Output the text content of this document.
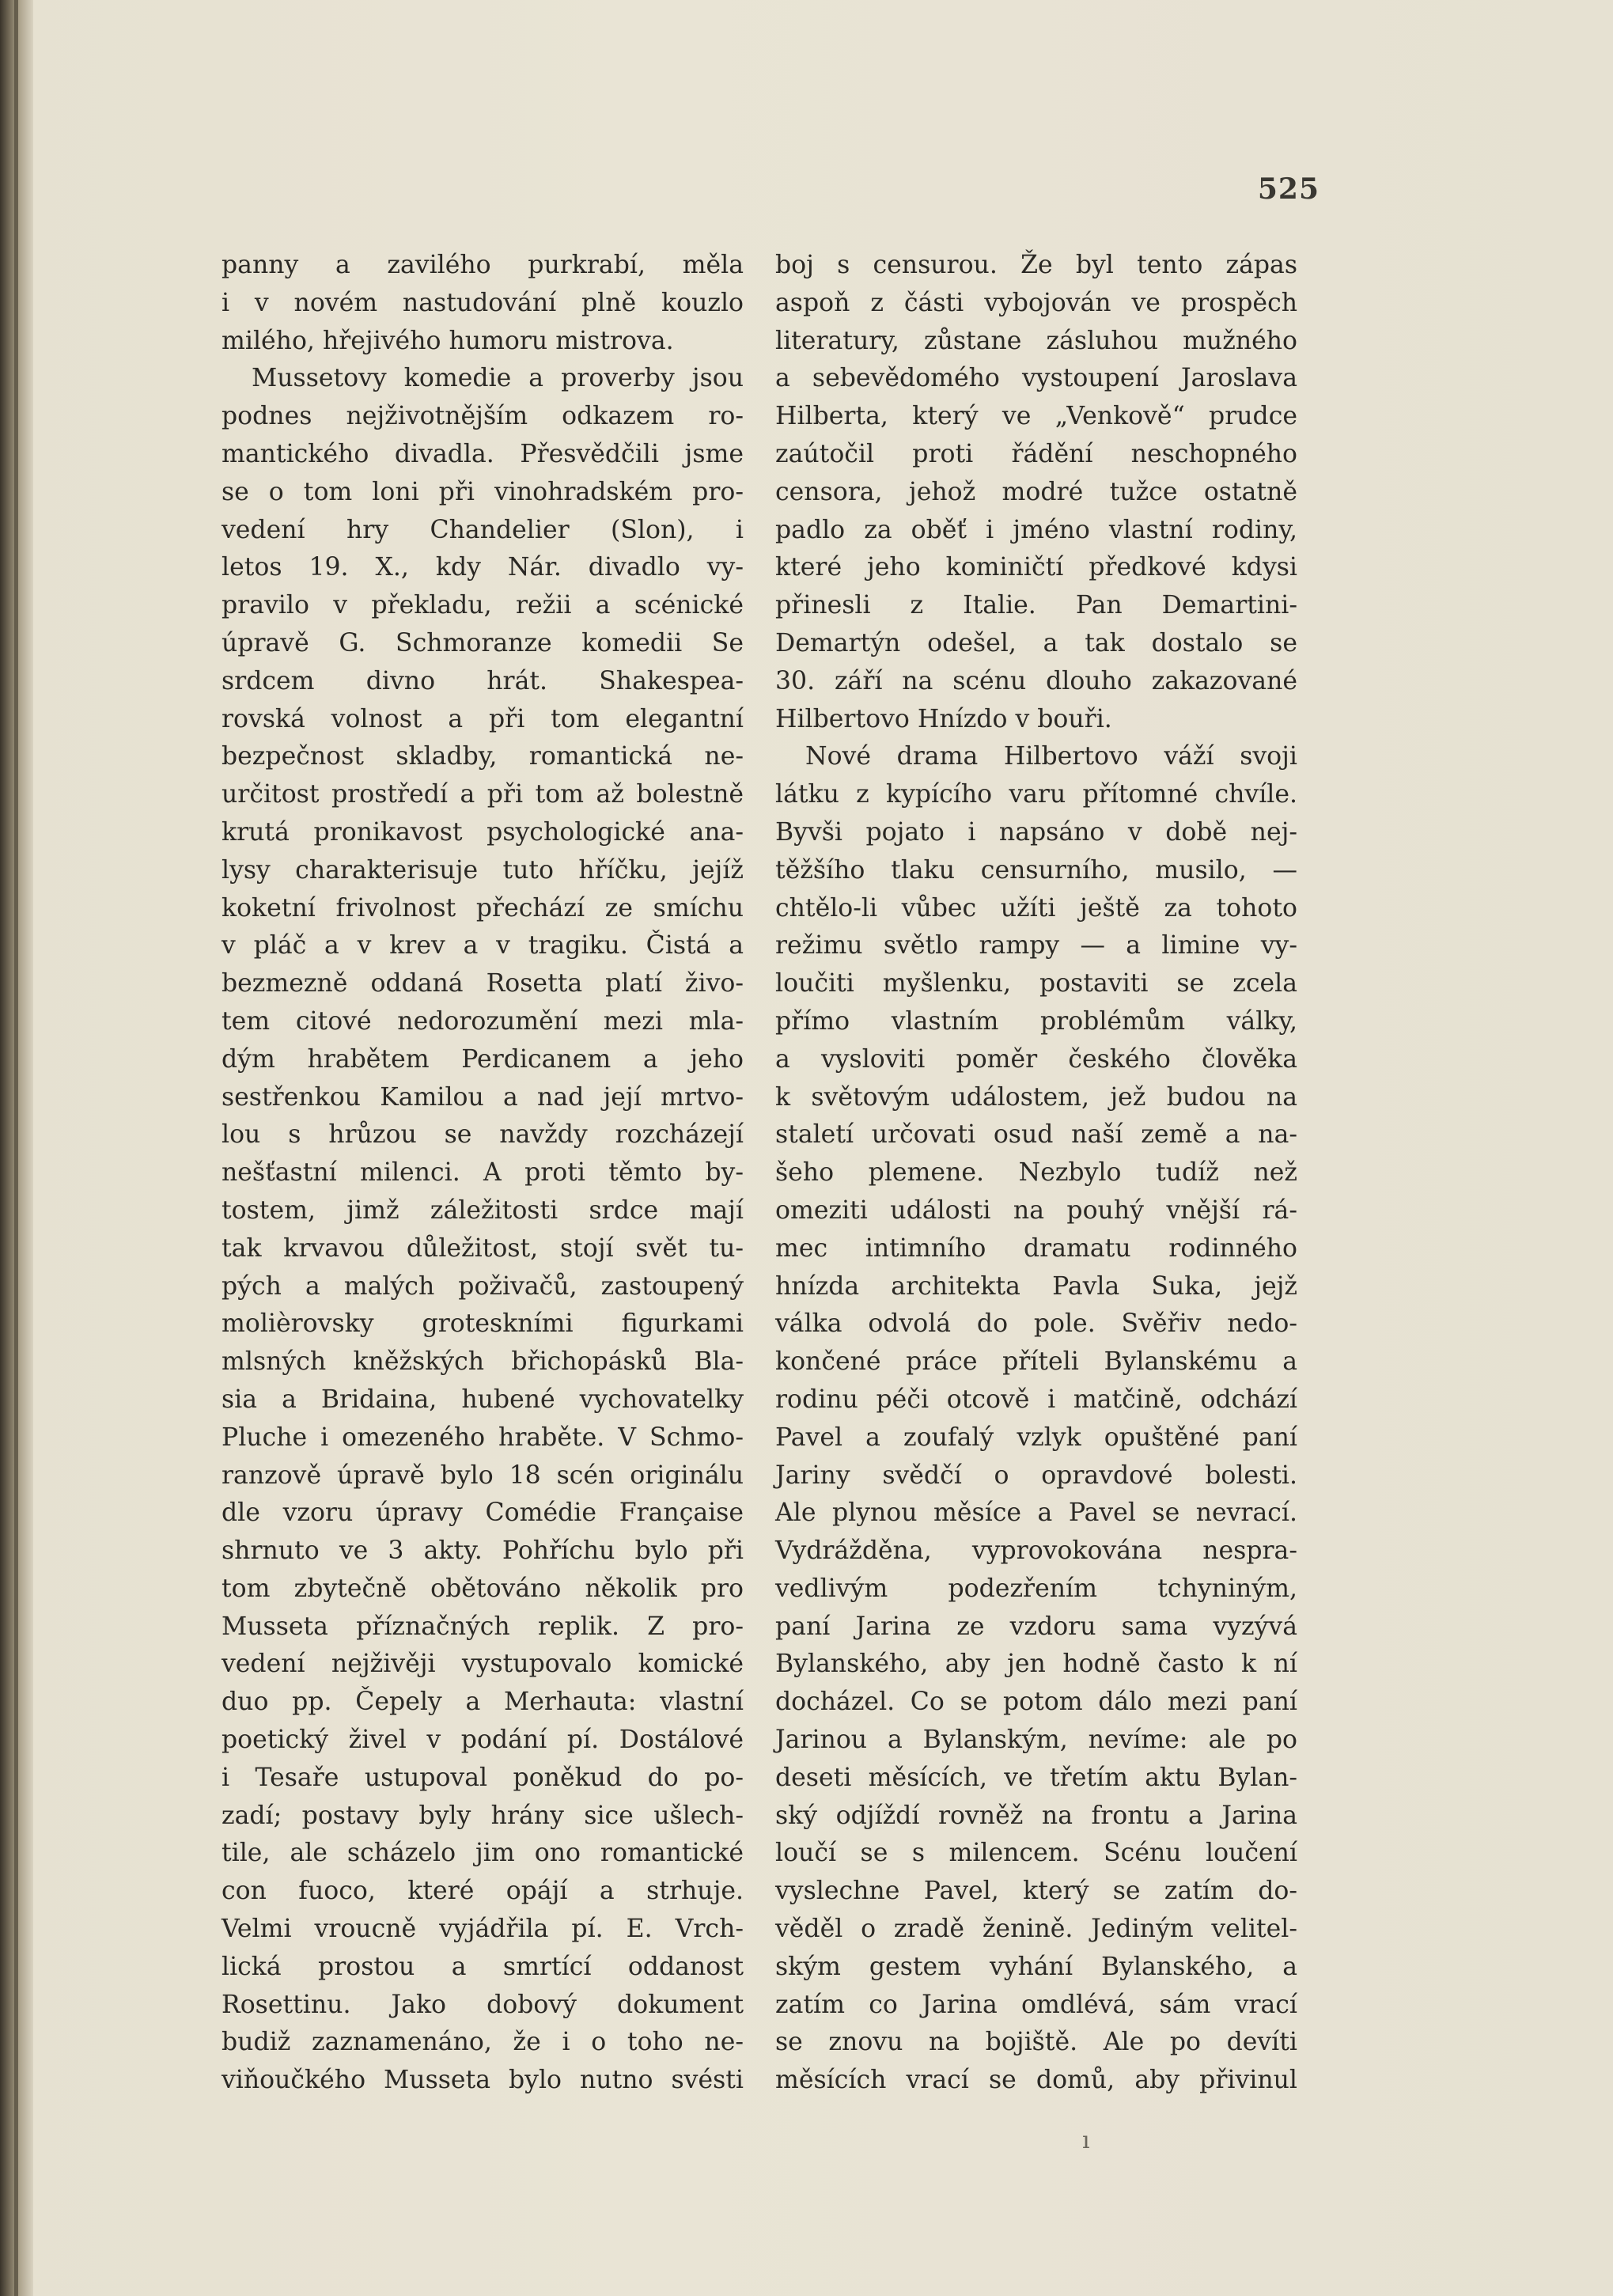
525
panny a zavilého purkrabí, měla
i v novém nastudování plně kouzlo
milého, hřejivého humoru mistrova.
Mussetovy komedie a proverby jsou
podnes nejživotnějším odkazem ro-
mantického divadla. Přesvědčili jsme
se o tom loni při vinohradském pro-
vedení hry Chandelier (Slon), i
letos 19. X., kdy Nár. divadlo vy-
pravilo v překladu, režii a scénické
úpravě G. Schmoranze komedii Se
srdcem divno hrát. Shakespea-
rovská volnost a při tom elegantní
bezpečnost skladby, romantická ne-
určitost prostředí a při tom až bolestně
krutá pronikavost psychologické ana-
lysy charakterisuje tuto hříčku, jejíž
koketní frivolnost přechází ze smíchu
v pláč a v krev a v tragiku. Čistá a
bezmezně oddaná Rosetta platí živo-
tem citové nedorozumění mezi mla-
dým hrabětem Perdicanem a jeho
sestřenkou Kamilou a nad její mrtvo-
lou s hrůzou se navždy rozcházejí
nešťastní milenci. A proti těmto by-
tostem, jimž záležitosti srdce mají
tak krvavou důležitost, stojí svět tu-
pých a malých poživačů, zastoupený
molièrovsky groteskními figurkami
mlsných kněžských břichopásků Bla-
sia a Bridaina, hubené vychovatelky
Pluche i omezeného hraběte. V Schmo-
ranzově úpravě bylo 18 scén originálu
dle vzoru úpravy Comédie Française
shrnuto ve 3 akty. Pohříchu bylo při
tom zbytečně obětováno několik pro
Musseta příznačných replik. Z pro-
vedení nejživěji vystupovalo komické
duo pp. Čepely a Merhauta: vlastní
poetický živel v podání pí. Dostálové
i Tesaře ustupoval poněkud do po-
zadí; postavy byly hrány sice ušlech-
tile, ale scházelo jim ono romantické
con fuoco, které opájí a strhuje.
Velmi vroucně vyjádřila pí. E. Vrch-
lická prostou a smrtící oddanost
Rosettinu. Jako dobový dokument
budiž zaznamenáno, že i o toho ne-
viňoučkého Musseta bylo nutno svésti
boj s censurou. Že byl tento zápas
aspoň z části vybojován ve prospěch
literatury, zůstane zásluhou mužného
a sebevědomého vystoupení Jaroslava
Hilberta, který ve „Venkově“ prudce
zaútočil proti řádění neschopného
censora, jehož modré tužce ostatně
padlo za oběť i jméno vlastní rodiny,
které jeho kominičtí předkové kdysi
přinesli z Italie. Pan Demartini-
Demartýn odešel, a tak dostalo se
30. září na scénu dlouho zakazované
Hilbertovo Hnízdo v bouři.
Nové drama Hilbertovo váží svoji
látku z kypícího varu přítomné chvíle.
Byvši pojato i napsáno v době nej-
těžšího tlaku censurního, musilo, —
chtělo-li vůbec užíti ještě za tohoto
režimu světlo rampy — a limine vy-
loučiti myšlenku, postaviti se zcela
přímo vlastním problémům války,
a vysloviti poměr českého člověka
k světovým událostem, jež budou na
staletí určovati osud naší země a na-
šeho plemene. Nezbylo tudíž než
omeziti události na pouhý vnější rá-
mec intimního dramatu rodinného
hnízda architekta Pavla Suka, jejž
válka odvolá do pole. Svěřiv nedo-
končené práce příteli Bylanskému a
rodinu péči otcově i matčině, odchází
Pavel a zoufalý vzlyk opuštěné paní
Jariny svědčí o opravdové bolesti.
Ale plynou měsíce a Pavel se nevrací.
Vydrážděna, vyprovokována nespra-
vedlivým podezřením tchyniným,
paní Jarina ze vzdoru sama vyzývá
Bylanského, aby jen hodně často k ní
docházel. Co se potom dálo mezi paní
Jarinou a Bylanským, nevíme: ale po
deseti měsících, ve třetím aktu Bylan-
ský odjíždí rovněž na frontu a Jarina
loučí se s milencem. Scénu loučení
vyslechne Pavel, který se zatím do-
věděl o zradě ženině. Jediným velitel-
ským gestem vyhání Bylanského, a
zatím co Jarina omdlévá, sám vrací
se znovu na bojiště. Ale po devíti
měsících vrací se domů, aby přivinul
ı
